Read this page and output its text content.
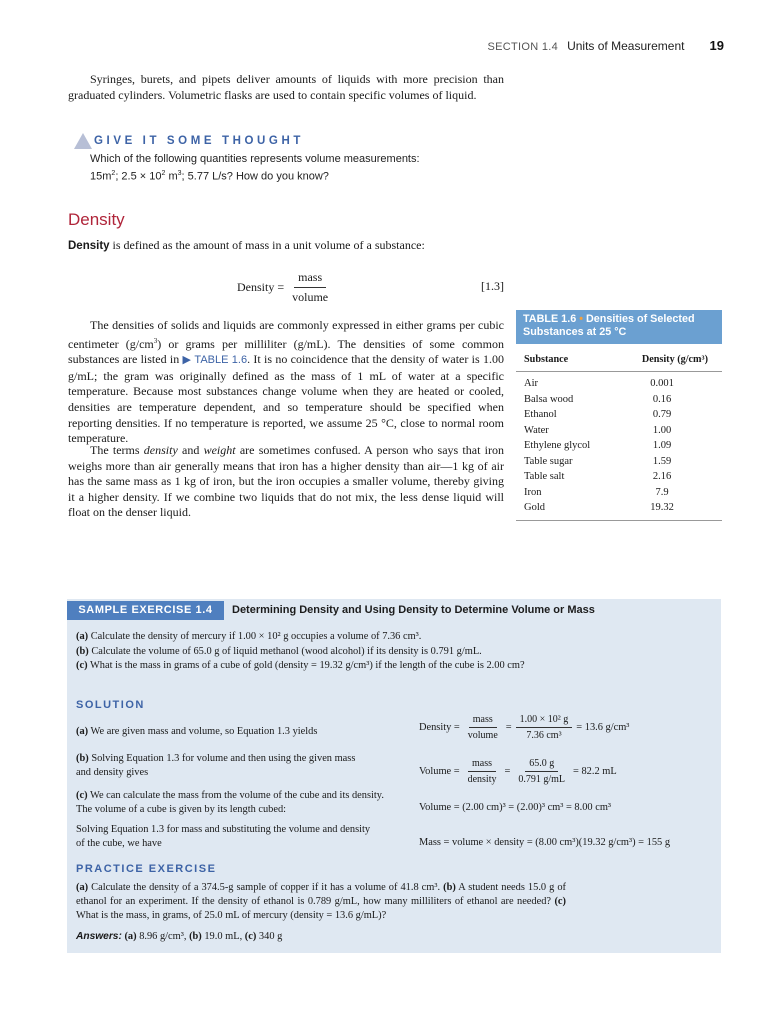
SECTION 1.4 Units of Measurement 19
Syringes, burets, and pipets deliver amounts of liquids with more precision than graduated cylinders. Volumetric flasks are used to contain specific volumes of liquid.
GIVE IT SOME THOUGHT
Which of the following quantities represents volume measurements:
$15m^2$; $2.5 \times 10^2$ $m^3$; 5.77 L/s? How do you know?
Density
Density is defined as the amount of mass in a unit volume of a substance:
Density = $\frac{\text{mass}}{\text{volume}}$	[1.3]
The densities of solids and liquids are commonly expressed in either grams per cubic centimeter $(g/cm^3)$ or grams per milliliter (g/mL). The densities of some common substances are listed in ▶ TABLE 1.6. It is no coincidence that the density of water is 1.00 g/mL; the gram was originally defined as the mass of 1 mL of water at a specific temperature. Because most substances change volume when they are heated or cooled, densities are temperature dependent, and so temperature should be specified when reporting densities. If no temperature is reported, we assume 25 °C, close to normal room temperature.
The terms density and weight are sometimes confused. A person who says that iron weighs more than air generally means that iron has a higher density than air—1 kg of air has the same mass as 1 kg of iron, but the iron occupies a smaller volume, thereby giving it a higher density. If we combine two liquids that do not mix, the less dense liquid will float on the denser liquid.
TABLE 1.6 • Densities of Selected
Substances at 25 °C
Substance	Density (g/cm³)
Air	0.001
Balsa wood	0.16
Ethanol	0.79
Water	1.00
Ethylene glycol	1.09
Table sugar	1.59
Table salt	2.16
Iron	7.9
Gold	19.32
SAMPLE EXERCISE 1.4	Determining Density and Using Density to Determine Volume or Mass
(a) Calculate the density of mercury if 1.00 × 10² g occupies a volume of 7.36 cm³.
(b) Calculate the volume of 65.0 g of liquid methanol (wood alcohol) if its density is 0.791 g/mL.
(c) What is the mass in grams of a cube of gold (density = 19.32 g/cm³) if the length of the cube is 2.00 cm?
SOLUTION
(a) We are given mass and volume, so Equation 1.3 yields
(b) Solving Equation 1.3 for volume and then using the given mass
and density gives
(c) We can calculate the mass from the volume of the cube and its density.
The volume of a cube is given by its length cubed:
Solving Equation 1.3 for mass and substituting the volume and density
of the cube, we have
Density = $\frac{\text{mass}}{\text{volume}} = \frac{\text{1.00 × 10² g}}{\text{7.36 cm³}} = 13.6$ g/cm³
Volume = $\frac{\text{mass}}{\text{density}} = \frac{65.0 g}{0.791 g/mL} = 82.2$ mL
Volume = (2.00 cm)³ = (2.00)³ cm³ = 8.00 cm³
Mass = volume × density = (8.00 cm³)(19.32 g/cm³) = 155 g
PRACTICE EXERCISE
(a) Calculate the density of a 374.5-g sample of copper if it has a volume of 41.8 cm³. (b) A student needs 15.0 g of ethanol for an experiment. If the density of ethanol is 0.789 g/mL, how many milliliters of ethanol are needed? (c) What is the mass, in grams, of 25.0 mL of mercury (density = 13.6 g/mL)?
Answers: (a) 8.96 g/cm³, (b) 19.0 mL, (c) 340 g
